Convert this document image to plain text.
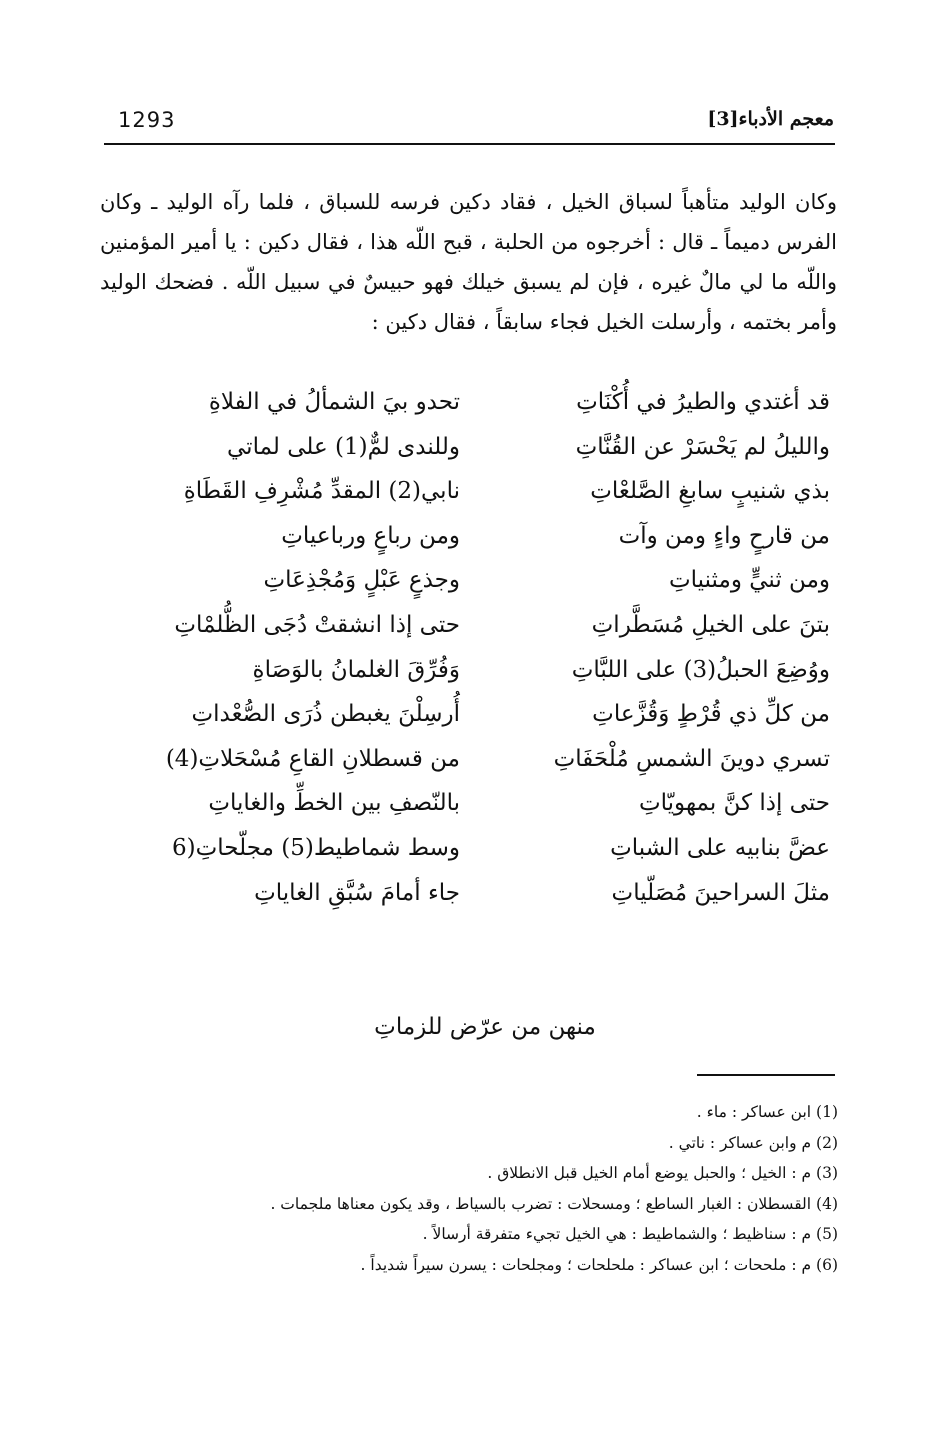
1293	معجم الأدباء[3]

وكان الوليد متأهباً لسباق الخيل ، فقاد دكين فرسه للسباق ، فلما رآه الوليد ـ وكان الفرس دميماً ـ قال : أخرجوه من الحلبة ، قبح اللّه هذا ، فقال دكين : يا أمير المؤمنين واللّه ما لي مالٌ غيره ، فإن لم يسبق خيلك فهو حبيسٌ في سبيل اللّه . فضحك الوليد وأمر بختمه ، وأرسلت الخيل فجاء سابقاً ، فقال دكين :

قد أغتدي والطيرُ في أُكْنَاتِ
تحدو بيَ الشمألُ في الفلاةِ
والليلُ لم يَحْسَرْ عن القُنَّاتِ
وللندى لمٌّ(1) على لماتي
بذي شنيبٍ سابغِ الصَّلعْاتِ
نابي(2) المقدِّ مُشْرِفِ القَطَاةِ
من قارحٍ واءٍ ومن وآت
ومن رباعٍ ورباعياتِ
ومن ثنيٍّ ومثنياتِ
وجذعٍ عَبْلٍ وَمُجْذِعَاتِ
بتنَ على الخيلِ مُسَطَّراتِ
حتى إذا انشقتْ دُجَى الظُّلمْاتِ
ووُضِعَ الحبلُ(3) على اللبَّاتِ
وَفُرِّقَ الغلمانُ بالوَصَاةِ
من كلِّ ذي قُرْطٍ وَقُزَّعاتِ
أُرسِلْنَ يغبطن ذُرَى الصُّعْداتِ
تسري دوينَ الشمسِ مُلْحَفَاتِ
من قسطلانِ القاعِ مُسْحَلاتِ(4)
حتى إذا كنَّ بمهويّاتِ
بالنّصفِ بين الخطِّ والغاياتِ
عضَّ بنابيه على الشباتِ
وسط شماطيط(5) مجلّحاتِ(6
مثلَ السراحينَ مُصَلّياتِ
جاء أمامَ سُبَّقِ الغاياتِ
منهن من عرّض للزماتِ
(1) ابن عساكر : ماء .
(2) م وابن عساكر : ناتي .
(3) م : الخيل ؛ والحبل يوضع أمام الخيل قبل الانطلاق .
(4) القسطلان : الغبار الساطع ؛ ومسحلات : تضرب بالسياط ، وقد يكون معناها ملجمات .
(5) م : سناظيط ؛ والشماطيط : هي الخيل تجيء متفرقة أرسالاً .
(6) م : ملححات ؛ ابن عساكر : ملحلحات ؛ ومجلحات : يسرن سيراً شديداً .
